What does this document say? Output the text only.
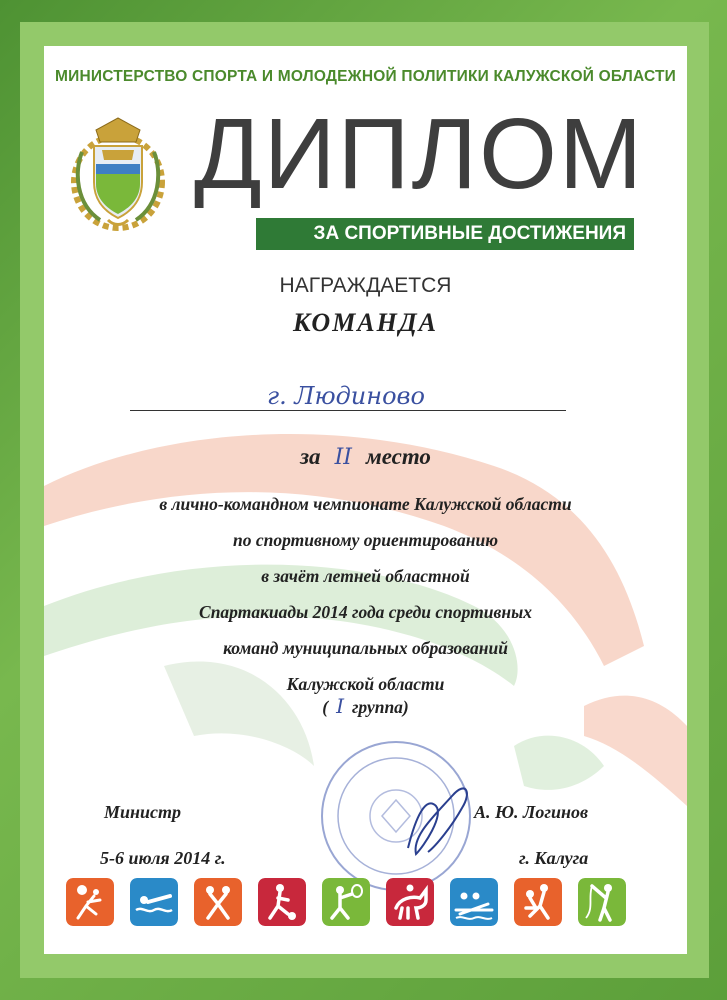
МИНИСТЕРСТВО СПОРТА И МОЛОДЕЖНОЙ ПОЛИТИКИ КАЛУЖСКОЙ ОБЛАСТИ
ДИПЛОМ
ЗА СПОРТИВНЫЕ ДОСТИЖЕНИЯ
НАГРАЖДАЕТСЯ
КОМАНДА
г. Людиново
за II место
в лично-командном чемпионате Калужской области
по спортивному ориентированию
в зачёт летней областной
Спартакиады 2014 года среди спортивных
команд муниципальных образований
Калужской области
( I группа)
Министр	А. Ю. Логинов
5-6 июля 2014 г.	г. Калуга
